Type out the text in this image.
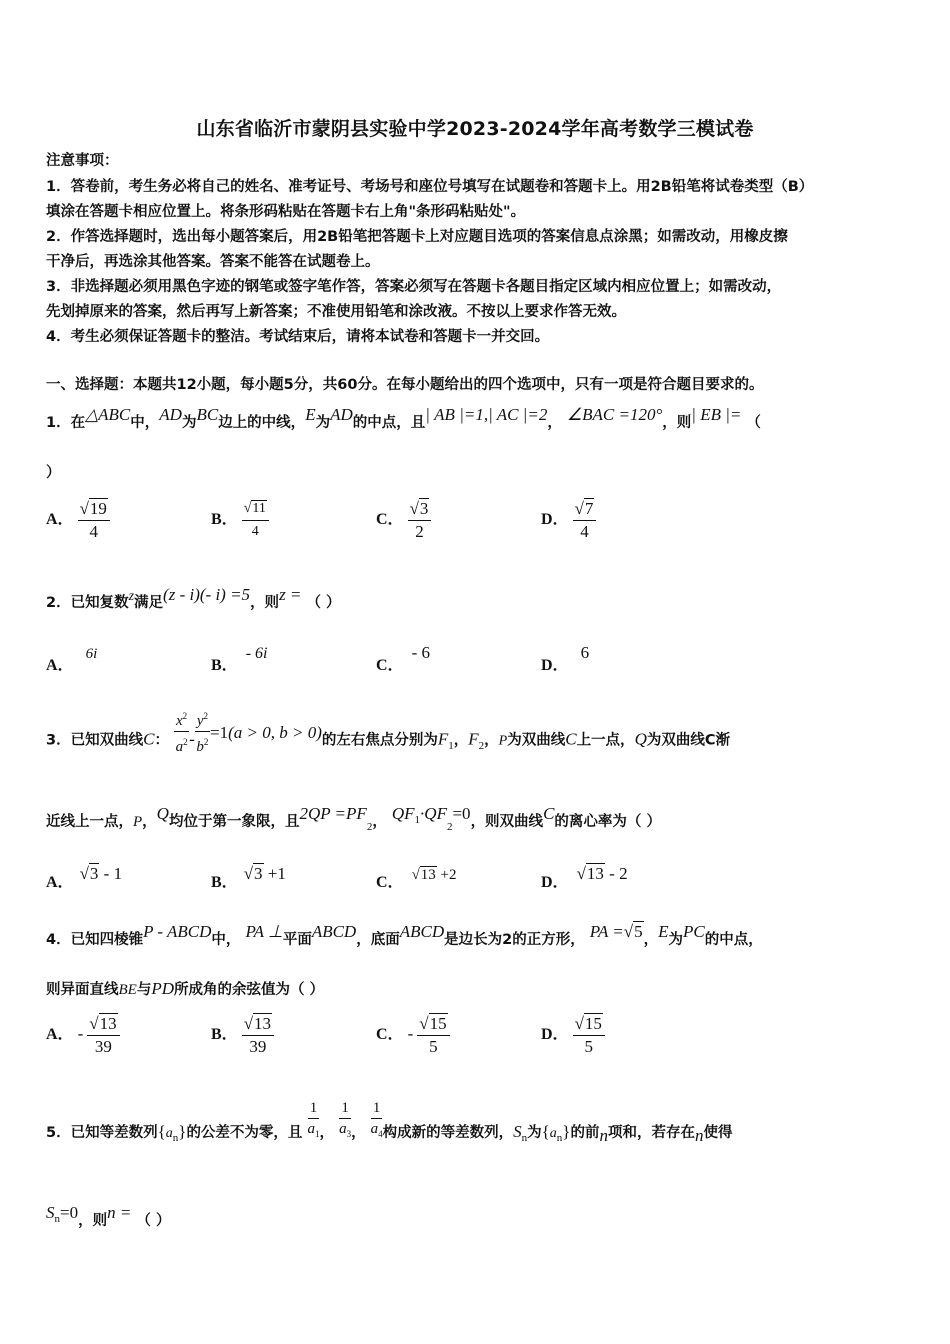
山东省临沂市蒙阴县实验中学2023-2024学年高考数学三模试卷
注意事项：
1．答卷前，考生务必将自己的姓名、准考证号、考场号和座位号填写在试题卷和答题卡上。用2B铅笔将试卷类型（B）
填涂在答题卡相应位置上。将条形码粘贴在答题卡右上角"条形码粘贴处"。
2．作答选择题时，选出每小题答案后，用2B铅笔把答题卡上对应题目选项的答案信息点涂黑；如需改动，用橡皮擦
干净后，再选涂其他答案。答案不能答在试题卷上。
3．非选择题必须用黑色字迹的钢笔或签字笔作答，答案必须写在答题卡各题目指定区域内相应位置上；如需改动，
先划掉原来的答案，然后再写上新答案；不准使用铅笔和涂改液。不按以上要求作答无效。
4．考生必须保证答题卡的整洁。考试结束后，请将本试卷和答题卡一并交回。
一、选择题：本题共12小题，每小题5分，共60分。在每小题给出的四个选项中，只有一项是符合题目要求的。
1．在△ABC中，AD为BC边上的中线，E为AD的中点，且| AB |=1,| AC |=2， ∠BAC =120°，则| EB |= （
）
A． $\frac{√19}{4}$	B． $\frac{√11}{4}$	C． $\frac{√3}{2}$	D． $\frac{√7}{4}$
2．已知复数z满足(z - i)(- i) =5，则z = （ ）
A．6i
B．- 6i
C．- 6
D．6
3．已知双曲线C： $\frac{x^2}{a^2} - \frac{y^2}{b^2} =1(a > 0$, b > 0)的左右焦点分别为$F_1$，$F_2$，P为双曲线C上一点，Q为双曲线C渐
近线上一点，P，Q均位于第一象限，且$2QP =PF_2$， $QF^1\cdot QF_2=0$，则双曲线C的离心率为（ ）
A． √3 - 1	B． √3 +1	C． √13 +2	D． √13 - 2
4．已知四棱锥P - ABCD中， PA ⊥平面ABCD，底面ABCD是边长为2的正方形， PA =√5，E为PC的中点，
则异面直线BE与PD所成角的余弦值为（ ）
A． - $\frac{√13}{39}$	B． $\frac{√13}{39}$	C． - $\frac{√15}{5}$	D． $\frac{√15}{5}$
5．已知等差数列$\{a_n\}$的公差不为零，且 $\frac{1}{a_1}$ ， $\frac{1}{a_3}$ ， $\frac{1}{a_4}$ 构成新的等差数列，$S_n$为$\{a_n\}$的前n项和，若存在n使得
$S^n=0$，则n = （ ）
